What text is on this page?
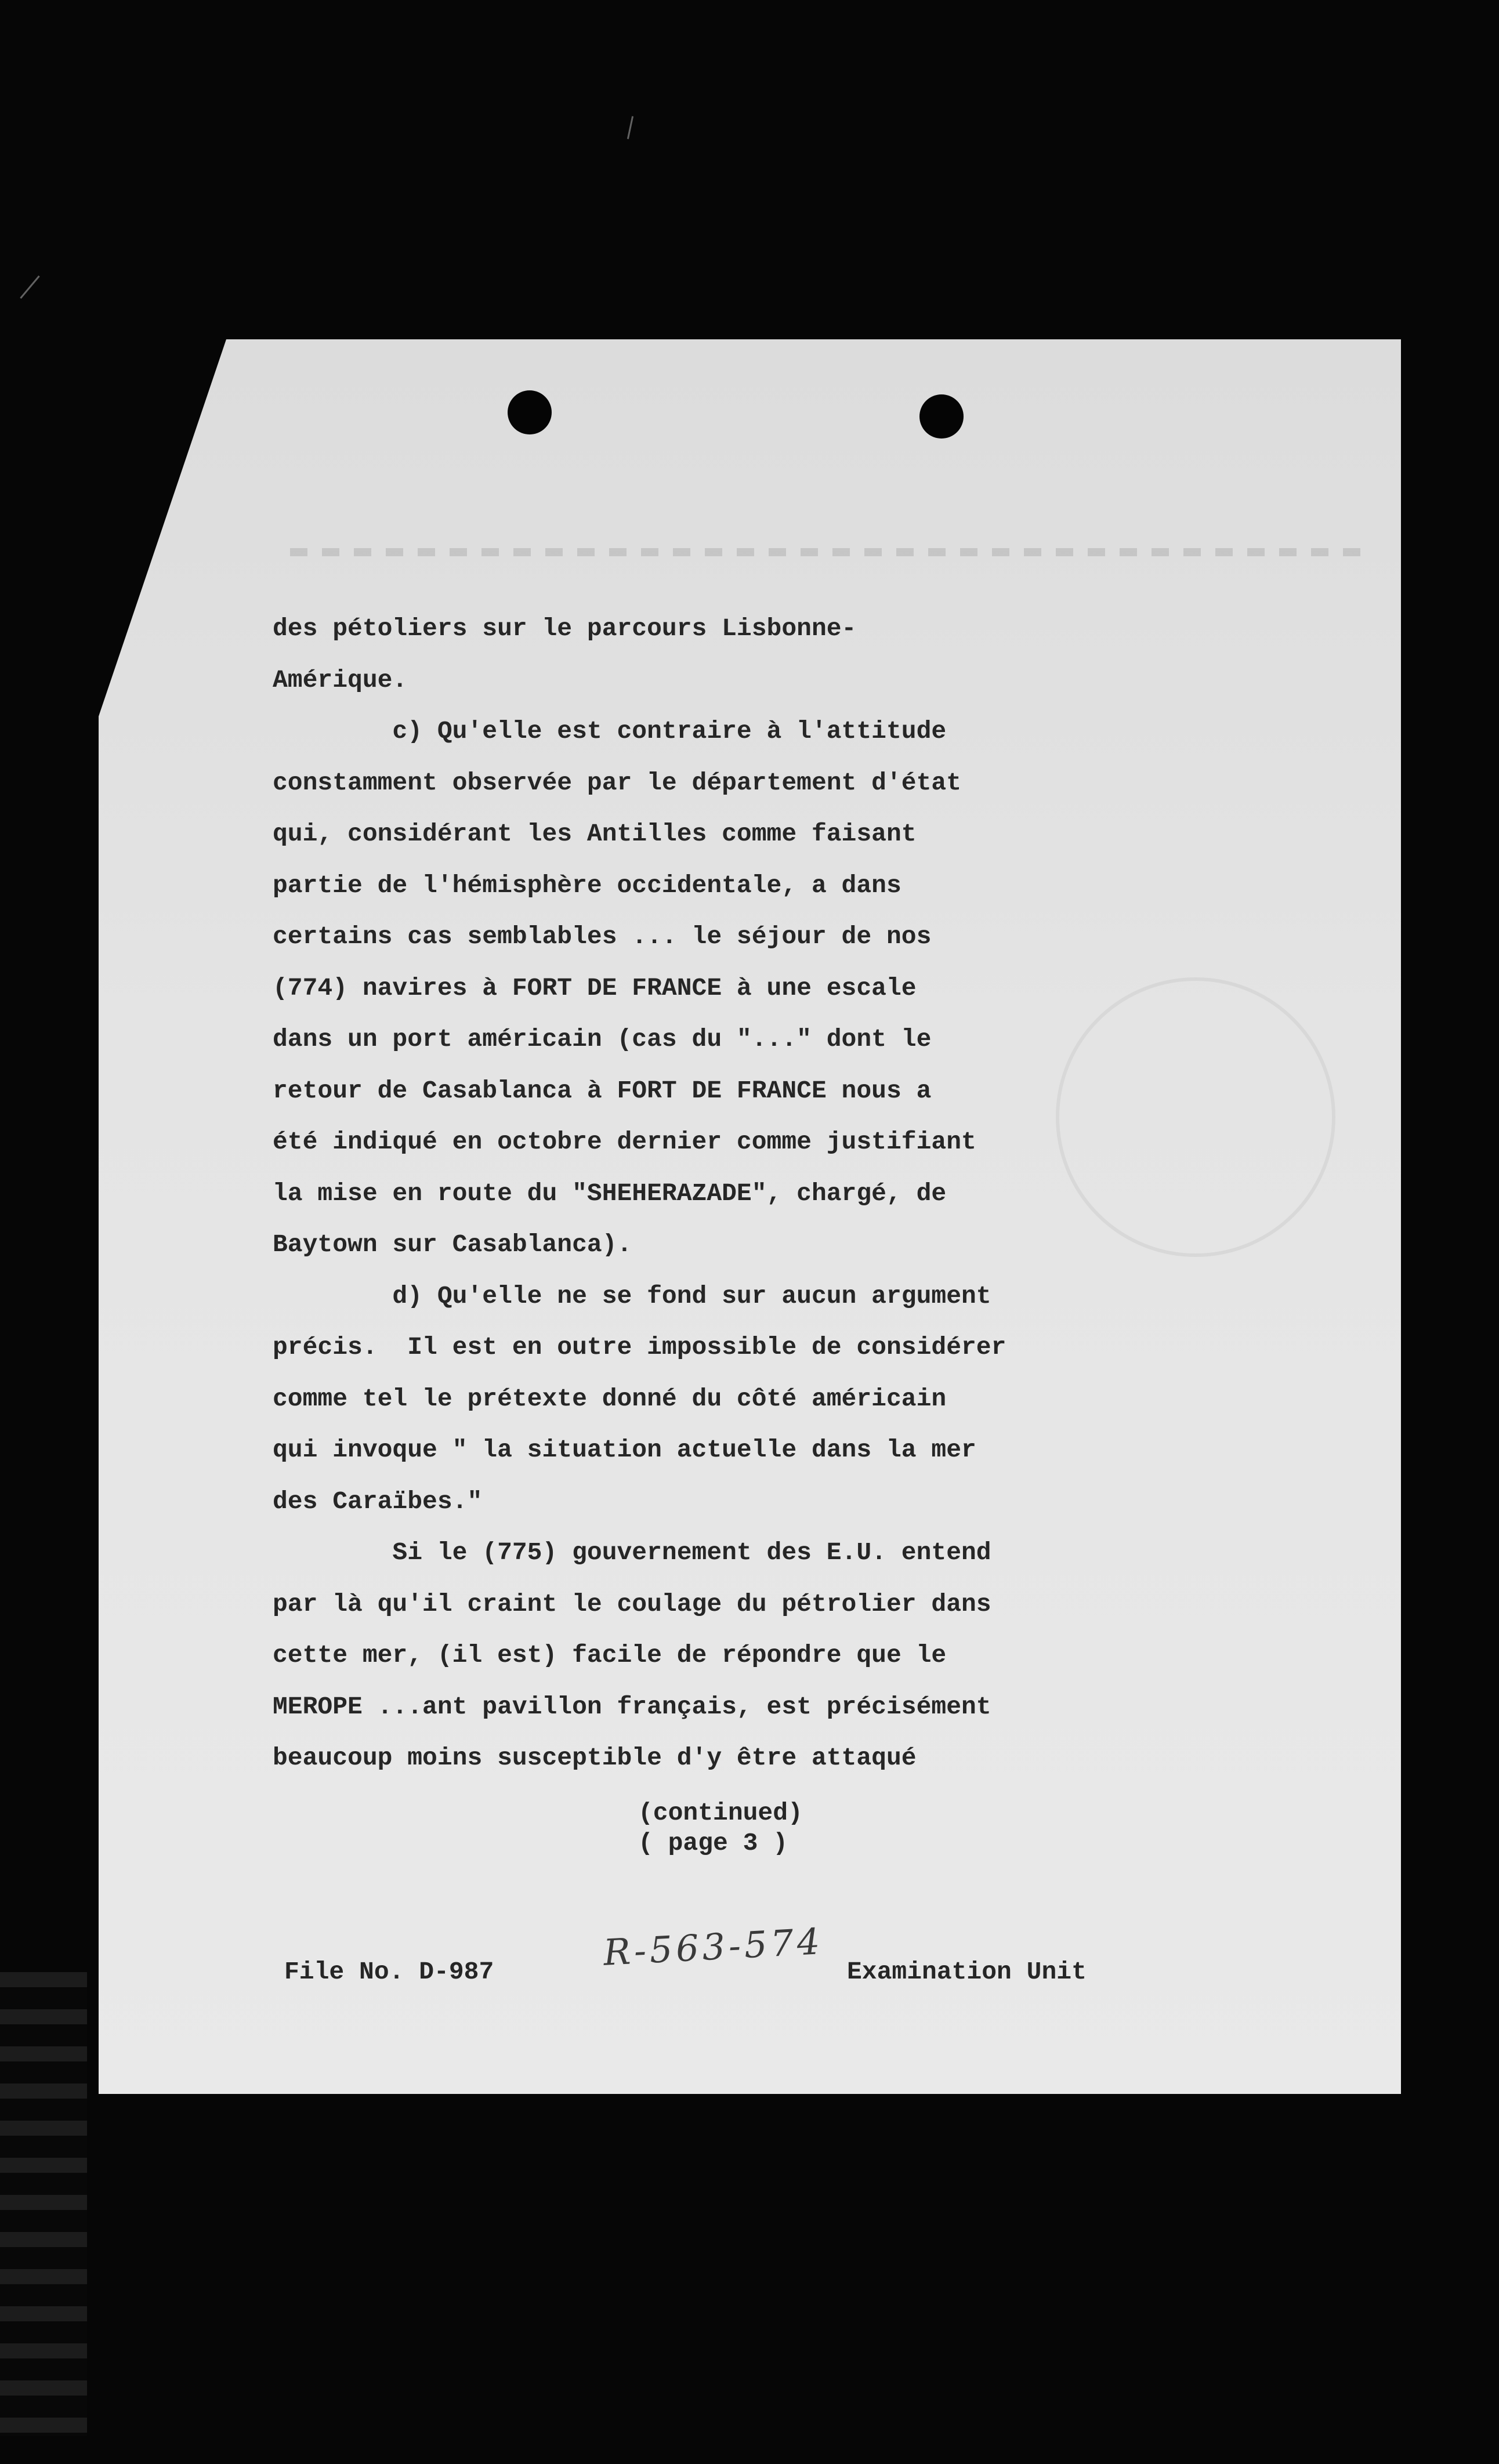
des pétoliers sur le parcours Lisbonne-
Amérique.
c) Qu'elle est contraire à l'attitude
constamment observée par le département d'état
qui, considérant les Antilles comme faisant
partie de l'hémisphère occidentale, a dans
certains cas semblables ... le séjour de nos
(774) navires à FORT DE FRANCE à une escale
dans un port américain (cas du "..." dont le
retour de Casablanca à FORT DE FRANCE nous a
été indiqué en octobre dernier comme justifiant
la mise en route du "SHEHERAZADE", chargé, de
Baytown sur Casablanca).
d) Qu'elle ne se fond sur aucun argument
précis.  Il est en outre impossible de considérer
comme tel le prétexte donné du côté américain
qui invoque " la situation actuelle dans la mer
des Caraïbes."
Si le (775) gouvernement des E.U. entend
par là qu'il craint le coulage du pétrolier dans
cette mer, (il est) facile de répondre que le
MEROPE ...ant pavillon français, est précisément
beaucoup moins susceptible d'y être attaqué
(continued)
( page 3 )
File No. D-987	R-563-574 Examination Unit
